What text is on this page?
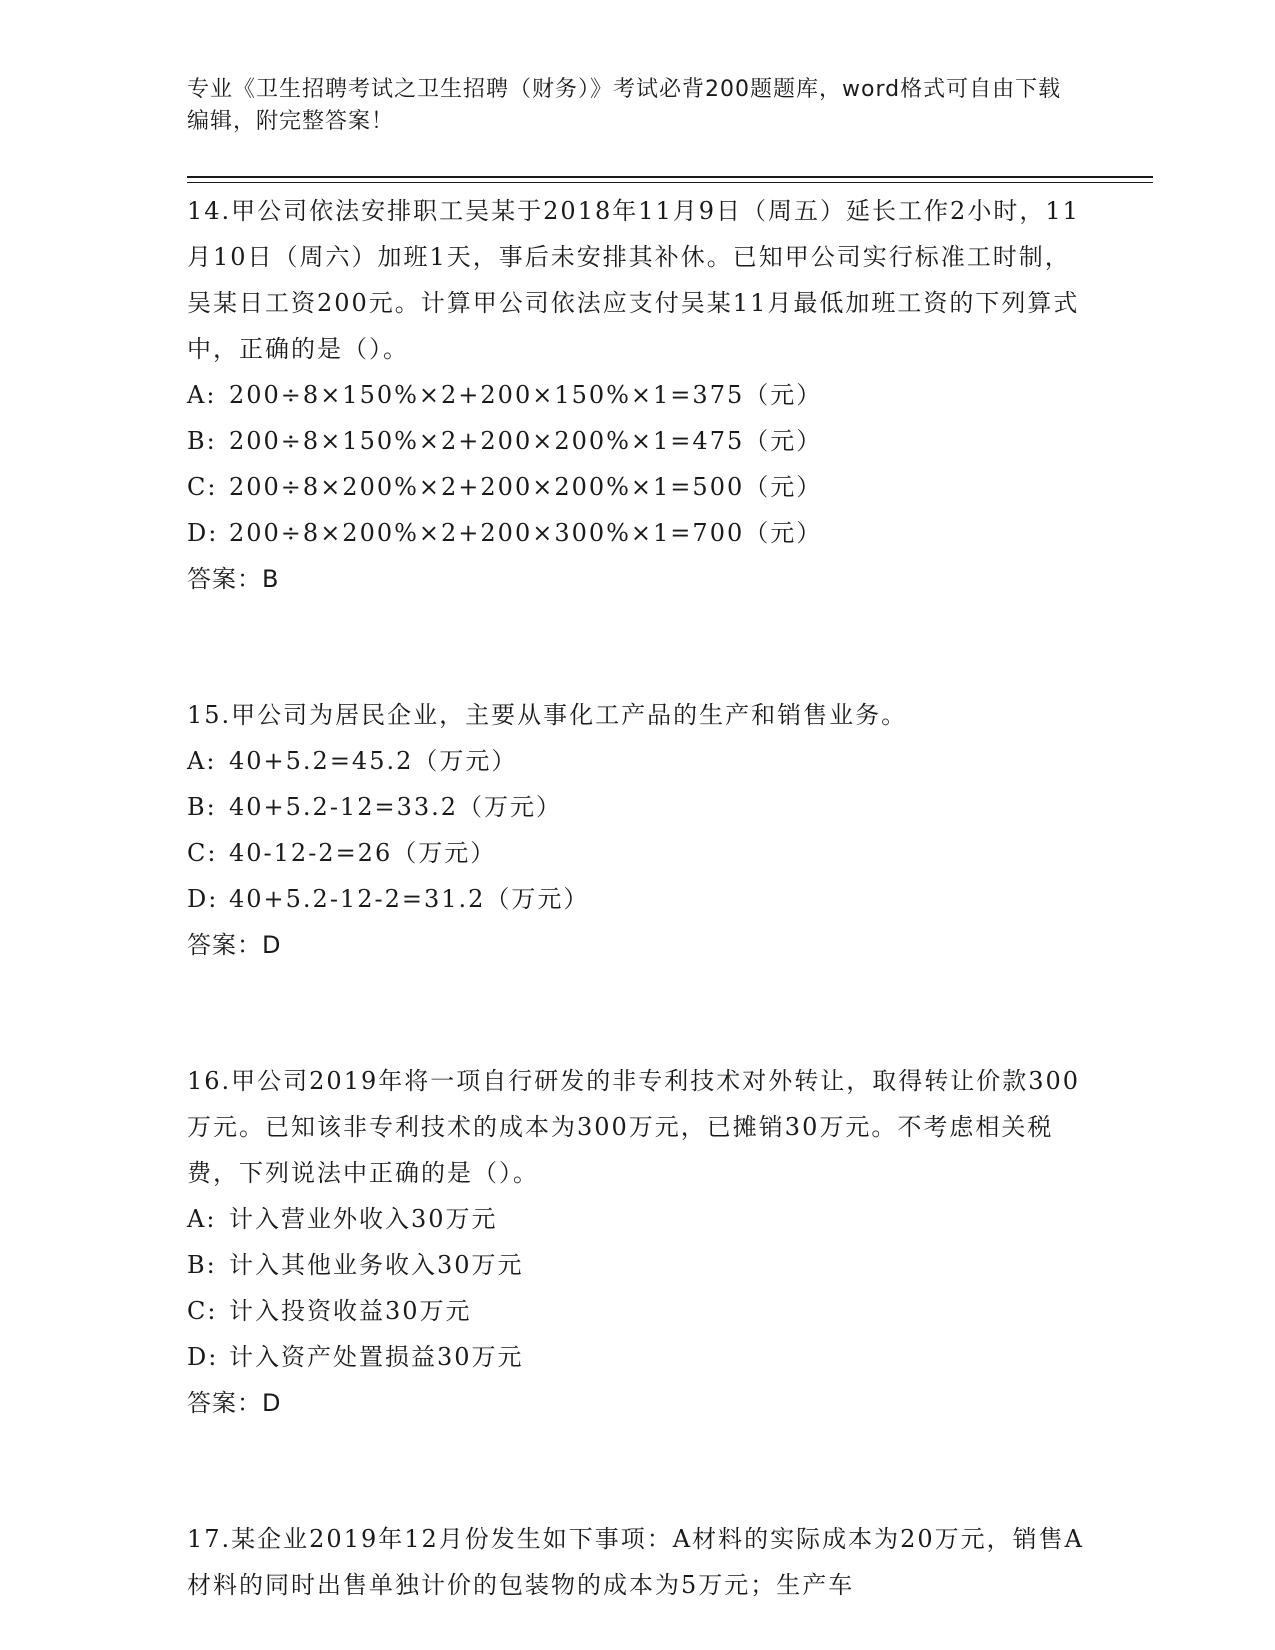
专业《卫生招聘考试之卫生招聘（财务）》考试必背200题题库，word格式可自由下载编辑，附完整答案！

14.甲公司依法安排职工吴某于2018年11月9日（周五）延长工作2小时，11月10日（周六）加班1天，事后未安排其补休。已知甲公司实行标准工时制，吴某日工资200元。计算甲公司依法应支付吴某11月最低加班工资的下列算式中，正确的是（）。

A: 200÷8×150%×2+200×150%×1=375（元）

B: 200÷8×150%×2+200×200%×1=475（元）

C: 200÷8×200%×2+200×200%×1=500（元）

D: 200÷8×200%×2+200×300%×1=700（元）

答案：B

15.甲公司为居民企业，主要从事化工产品的生产和销售业务。

A: 40+5.2=45.2（万元）

B: 40+5.2-12=33.2（万元）

C: 40-12-2=26（万元）

D: 40+5.2-12-2=31.2（万元）

答案：D

16.甲公司2019年将一项自行研发的非专利技术对外转让，取得转让价款300万元。已知该非专利技术的成本为300万元，已摊销30万元。不考虑相关税费，下列说法中正确的是（）。

A: 计入营业外收入30万元

B: 计入其他业务收入30万元

C: 计入投资收益30万元

D: 计入资产处置损益30万元

答案：D

17.某企业2019年12月份发生如下事项：A材料的实际成本为20万元，销售A材料的同时出售单独计价的包装物的成本为5万元；生产车
